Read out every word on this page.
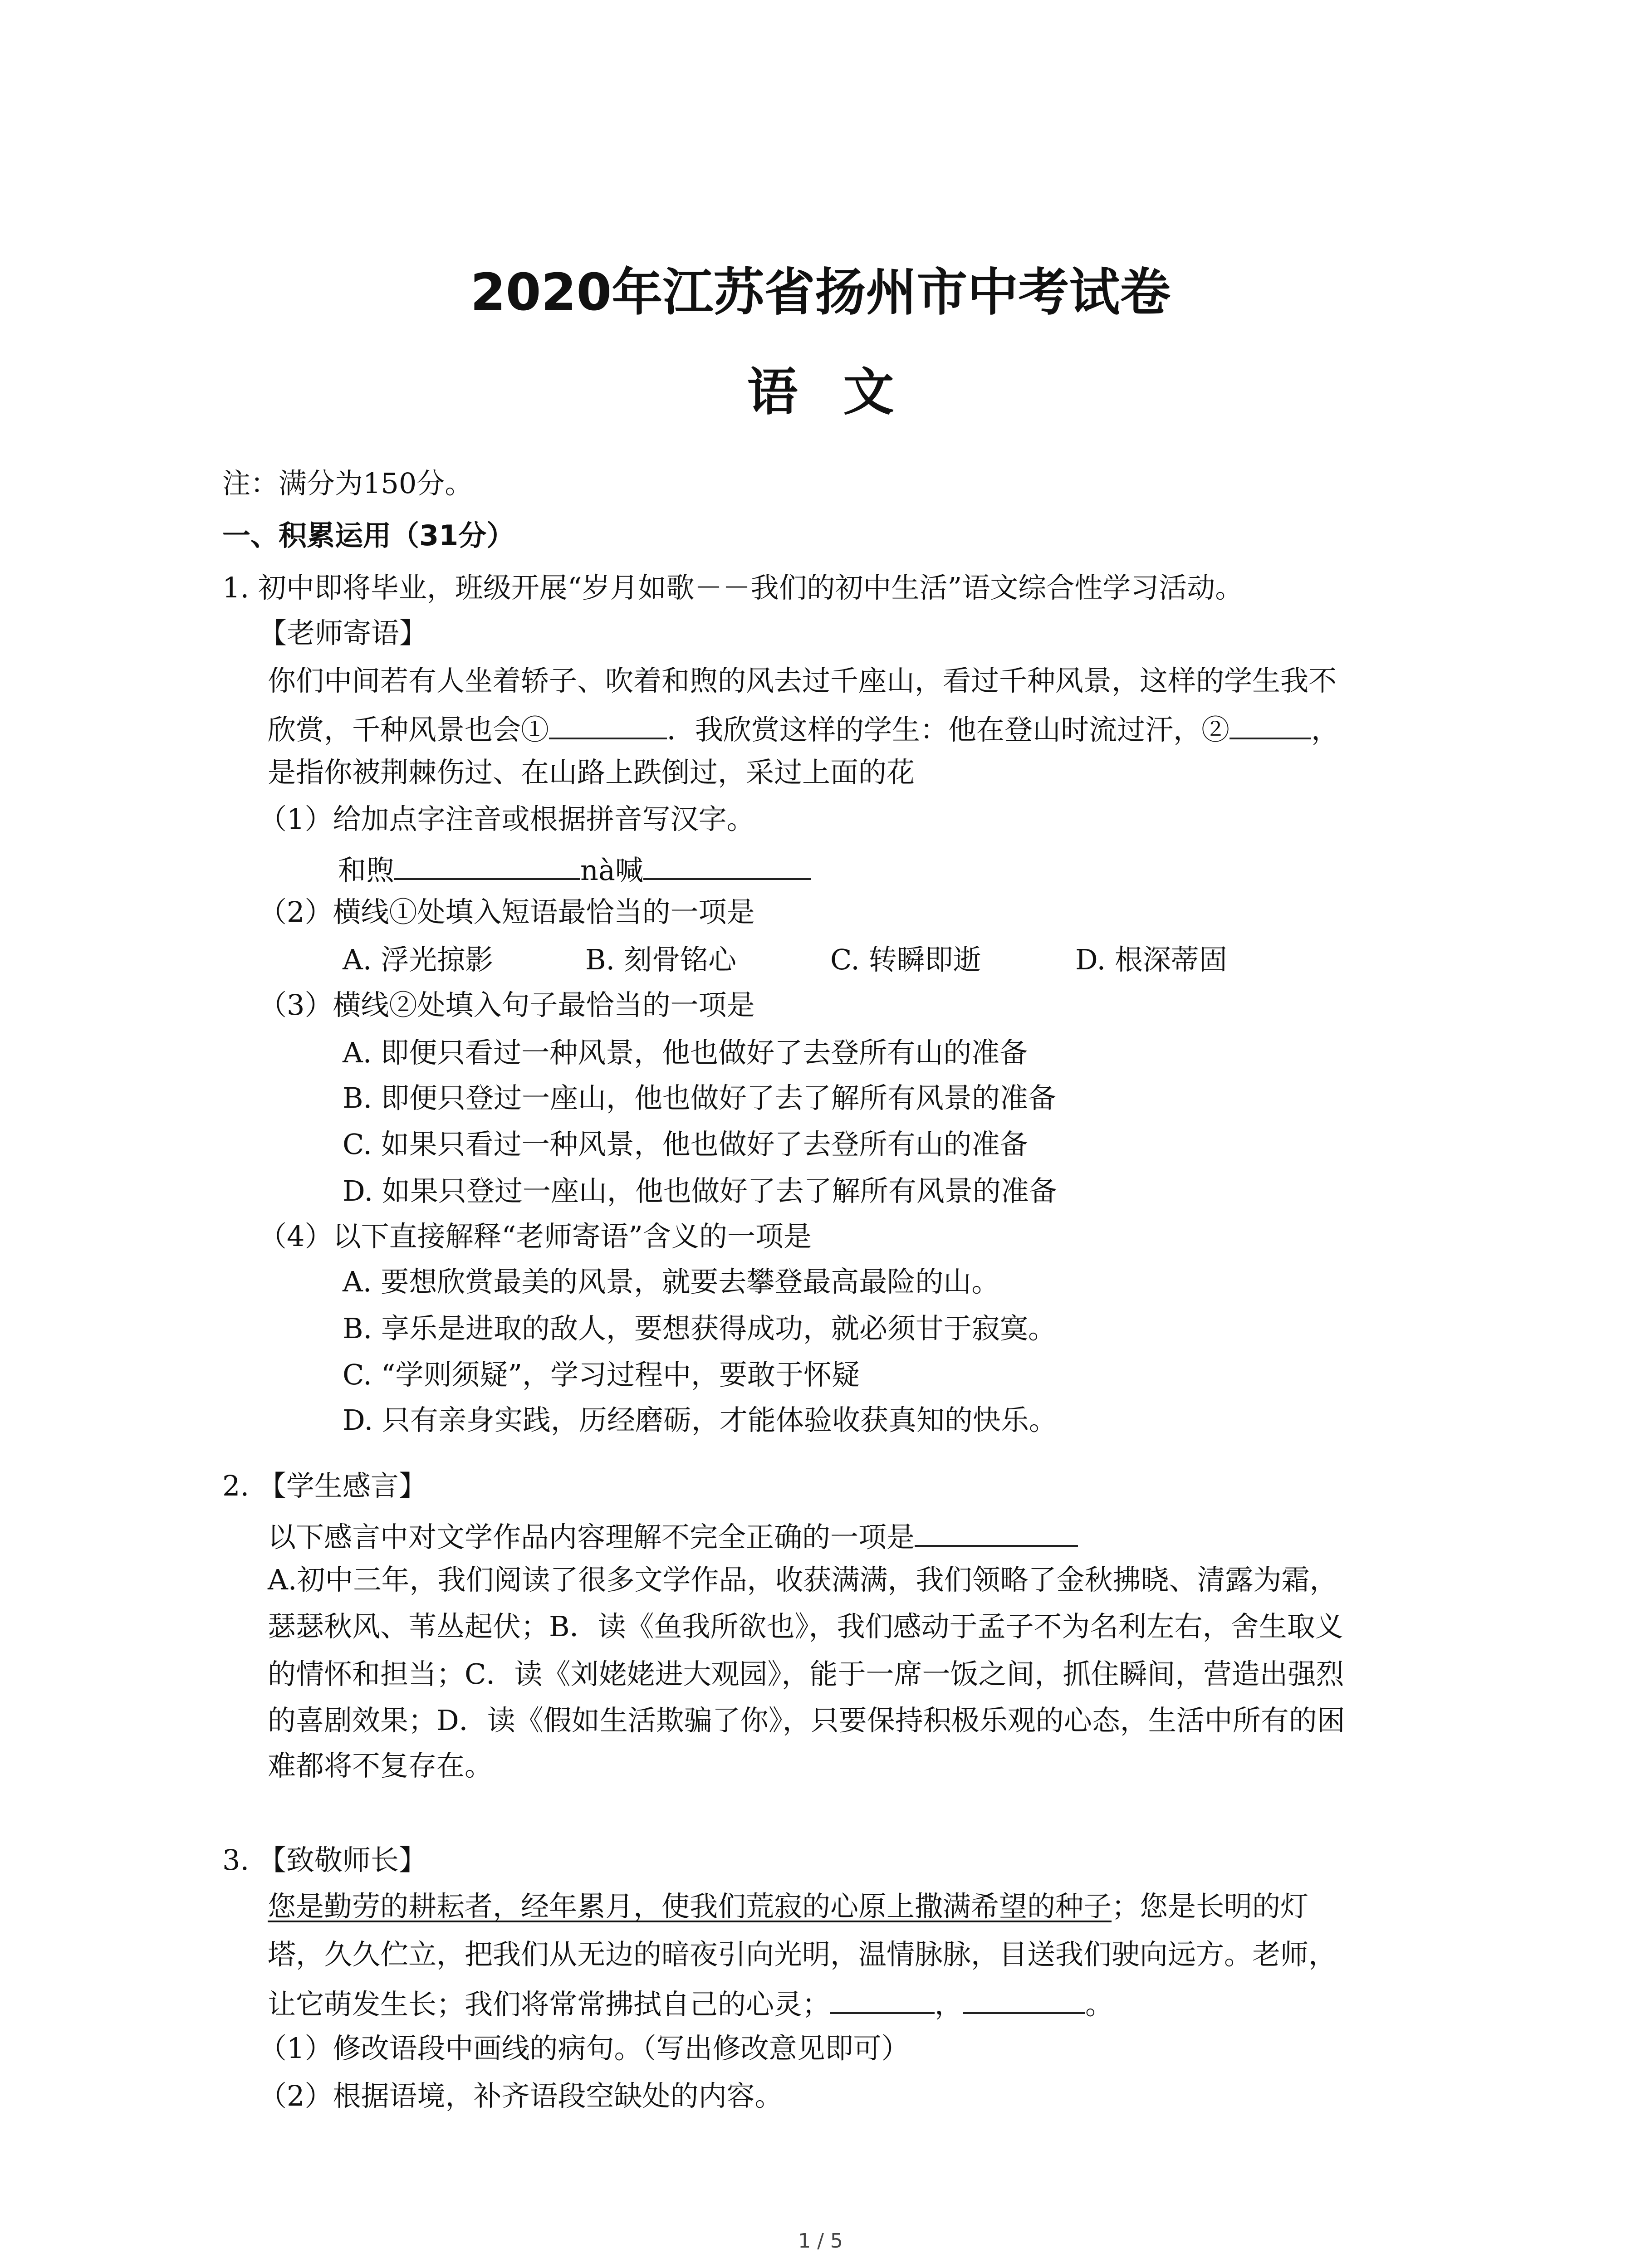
2020年江苏省扬州市中考试卷
语文
注：满分为150分。
一、积累运用（31分）
1. 初中即将毕业，班级开展“岁月如歌－－我们的初中生活”语文综合性学习活动。
【老师寄语】
你们中间若有人坐着轿子、吹着和煦的风去过千座山，看过千种风景，这样的学生我不
欣赏，千种风景也会①	．我欣赏这样的学生：他在登山时流过汗，②	，
是指你被荆棘伤过、在山路上跌倒过，采过上面的花
（1）给加点字注音或根据拼音写汉字。
和煦	nà喊
（2）横线①处填入短语最恰当的一项是
A. 浮光掠影	B. 刻骨铭心	C. 转瞬即逝	D. 根深蒂固
（3）横线②处填入句子最恰当的一项是
A. 即便只看过一种风景，他也做好了去登所有山的准备
B. 即便只登过一座山，他也做好了去了解所有风景的准备
C. 如果只看过一种风景，他也做好了去登所有山的准备
D. 如果只登过一座山，他也做好了去了解所有风景的准备
（4）以下直接解释“老师寄语”含义的一项是
A. 要想欣赏最美的风景，就要去攀登最高最险的山。
B. 享乐是进取的敌人，要想获得成功，就必须甘于寂寞。
C. “学则须疑”，学习过程中，要敢于怀疑
D. 只有亲身实践，历经磨砺，才能体验收获真知的快乐。
2. 【学生感言】
以下感言中对文学作品内容理解不完全正确的一项是
A.初中三年，我们阅读了很多文学作品，收获满满，我们领略了金秋拂晓、清露为霜，
瑟瑟秋风、苇丛起伏；B．读《鱼我所欲也》，我们感动于孟子不为名利左右，舍生取义
的情怀和担当；C．读《刘姥姥进大观园》，能于一席一饭之间，抓住瞬间，营造出强烈
的喜剧效果；D．读《假如生活欺骗了你》，只要保持积极乐观的心态，生活中所有的困
难都将不复存在。
3. 【致敬师长】
您是勤劳的耕耘者，经年累月，使我们荒寂的心原上撒满希望的种子；您是长明的灯
塔，久久伫立，把我们从无边的暗夜引向光明，温情脉脉，目送我们驶向远方。老师，
让它萌发生长；我们将常常拂拭自己的心灵；	，	。
（1）修改语段中画线的病句。（写出修改意见即可）
（2）根据语境，补齐语段空缺处的内容。
1 / 5
